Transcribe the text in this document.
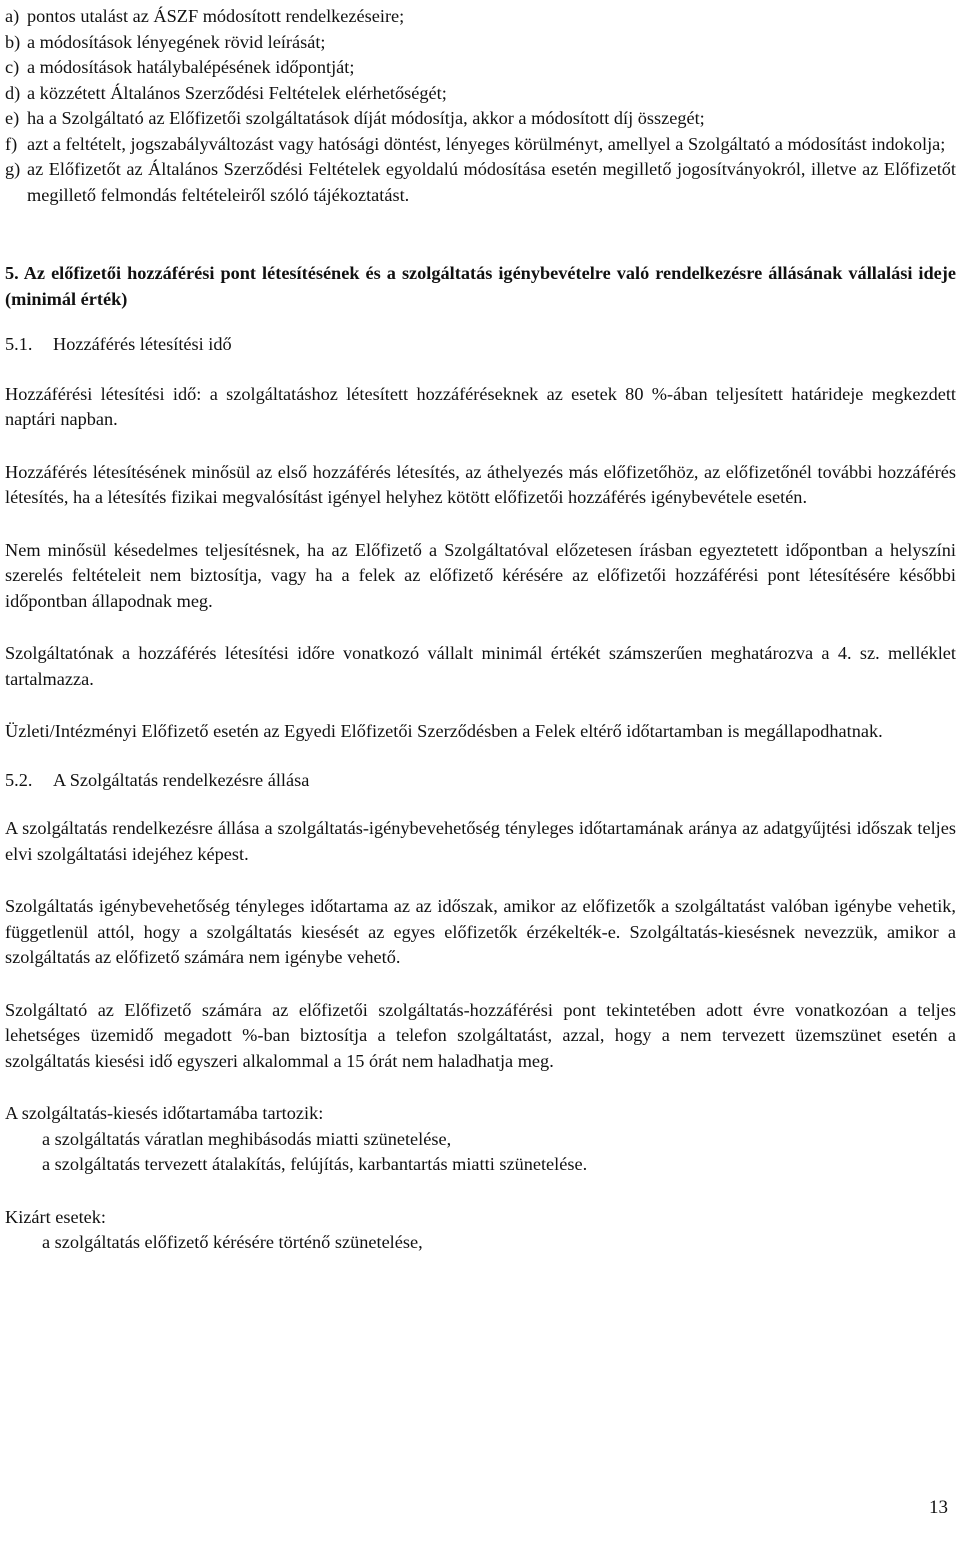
a) pontos utalást az ÁSZF módosított rendelkezéseire;
b) a módosítások lényegének rövid leírását;
c) a módosítások hatálybalépésének időpontját;
d) a közzétett Általános Szerződési Feltételek elérhetőségét;
e) ha a Szolgáltató az Előfizetői szolgáltatások díját módosítja, akkor a módosított díj összegét;
f) azt a feltételt, jogszabályváltozást vagy hatósági döntést, lényeges körülményt, amellyel a Szolgáltató a módosítást indokolja;
g) az Előfizetőt az Általános Szerződési Feltételek egyoldalú módosítása esetén megillető jogosítványokról, illetve az Előfizetőt megillető felmondás feltételeiről szóló tájékoztatást.

5. Az előfizetői hozzáférési pont létesítésének és a szolgáltatás igénybevételre való rendelkezésre állásának vállalási ideje (minimál érték)

5.1.	Hozzáférés létesítési idő

Hozzáférési létesítési idő: a szolgáltatáshoz létesített hozzáféréseknek az esetek 80 %-ában teljesített határideje megkezdett naptári napban.

Hozzáférés létesítésének minősül az első hozzáférés létesítés, az áthelyezés más előfizetőhöz, az előfizetőnél további hozzáférés létesítés, ha a létesítés fizikai megvalósítást igényel helyhez kötött előfizetői hozzáférés igénybevétele esetén.

Nem minősül késedelmes teljesítésnek, ha az Előfizető a Szolgáltatóval előzetesen írásban egyeztetett időpontban a helyszíni szerelés feltételeit nem biztosítja, vagy ha a felek az előfizető kérésére az előfizetői hozzáférési pont létesítésére későbbi időpontban állapodnak meg.

Szolgáltatónak a hozzáférés létesítési időre vonatkozó vállalt minimál értékét számszerűen meghatározva a 4. sz. melléklet tartalmazza.

Üzleti/Intézményi Előfizető esetén az Egyedi Előfizetői Szerződésben a Felek eltérő időtartamban is megállapodhatnak.

5.2.	A Szolgáltatás rendelkezésre állása

A szolgáltatás rendelkezésre állása a szolgáltatás-igénybevehetőség tényleges időtartamának aránya az adatgyűjtési időszak teljes elvi szolgáltatási idejéhez képest.

Szolgáltatás igénybevehetőség tényleges időtartama az az időszak, amikor az előfizetők a szolgáltatást valóban igénybe vehetik, függetlenül attól, hogy a szolgáltatás kiesését az egyes előfizetők érzékelték-e. Szolgáltatás-kiesésnek nevezzük, amikor a szolgáltatás az előfizető számára nem igénybe vehető.

Szolgáltató az Előfizető számára az előfizetői szolgáltatás-hozzáférési pont tekintetében adott évre vonatkozóan a teljes lehetséges üzemidő megadott %-ban biztosítja a telefon szolgáltatást, azzal, hogy a nem tervezett üzemszünet esetén a szolgáltatás kiesési idő egyszeri alkalommal a 15 órát nem haladhatja meg.

A szolgáltatás-kiesés időtartamába tartozik:

a szolgáltatás váratlan meghibásodás miatti szünetelése,

a szolgáltatás tervezett átalakítás, felújítás, karbantartás miatti szünetelése.

Kizárt esetek:

a szolgáltatás előfizető kérésére történő szünetelése,

13
